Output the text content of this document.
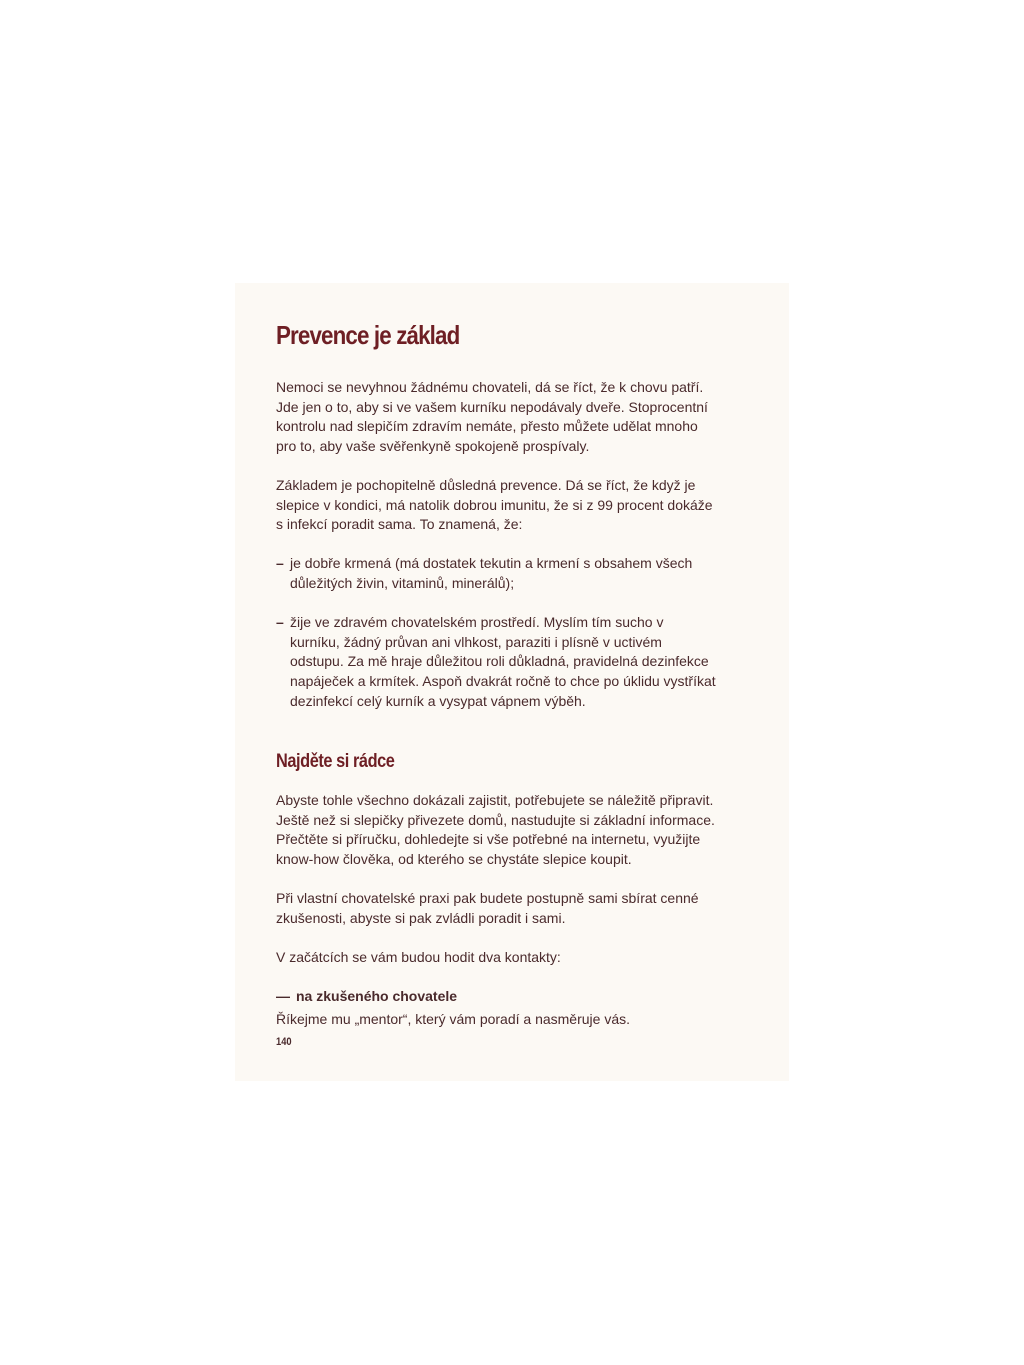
Prevence je základ

Nemoci se nevyhnou žádnému chovateli, dá se říct, že k chovu patří. Jde jen o to, aby si ve vašem kurníku nepodávaly dveře. Stoprocentní kontrolu nad slepičím zdravím nemáte, přesto můžete udělat mnoho pro to, aby vaše svěřenkyně spokojeně prospívaly.

Základem je pochopitelně důsledná prevence. Dá se říct, že když je slepice v kondici, má natolik dobrou imunitu, že si z 99 procent dokáže s infekcí poradit sama. To znamená, že:

– je dobře krmená (má dostatek tekutin a krmení s obsahem všech důležitých živin, vitaminů, minerálů);
– žije ve zdravém chovatelském prostředí. Myslím tím sucho v kurníku, žádný průvan ani vlhkost, paraziti i plísně v uctivém odstupu. Za mě hraje důležitou roli důkladná, pravidelná dezinfekce napáječek a krmítek. Aspoň dvakrát ročně to chce po úklidu vystříkat dezinfekcí celý kurník a vysypat vápnem výběh.
Najděte si rádce

Abyste tohle všechno dokázali zajistit, potřebujete se náležitě připravit. Ještě než si slepičky přivezete domů, nastudujte si základní informace. Přečtěte si příručku, dohledejte si vše potřebné na internetu, využijte know-how člověka, od kterého se chystáte slepice koupit.

Při vlastní chovatelské praxi pak budete postupně sami sbírat cenné zkušenosti, abyste si pak zvládli poradit i sami.

V začátcích se vám budou hodit dva kontakty:

— na zkušeného chovatele
Říkejme mu „mentor“, který vám poradí a nasměruje vás.
140
